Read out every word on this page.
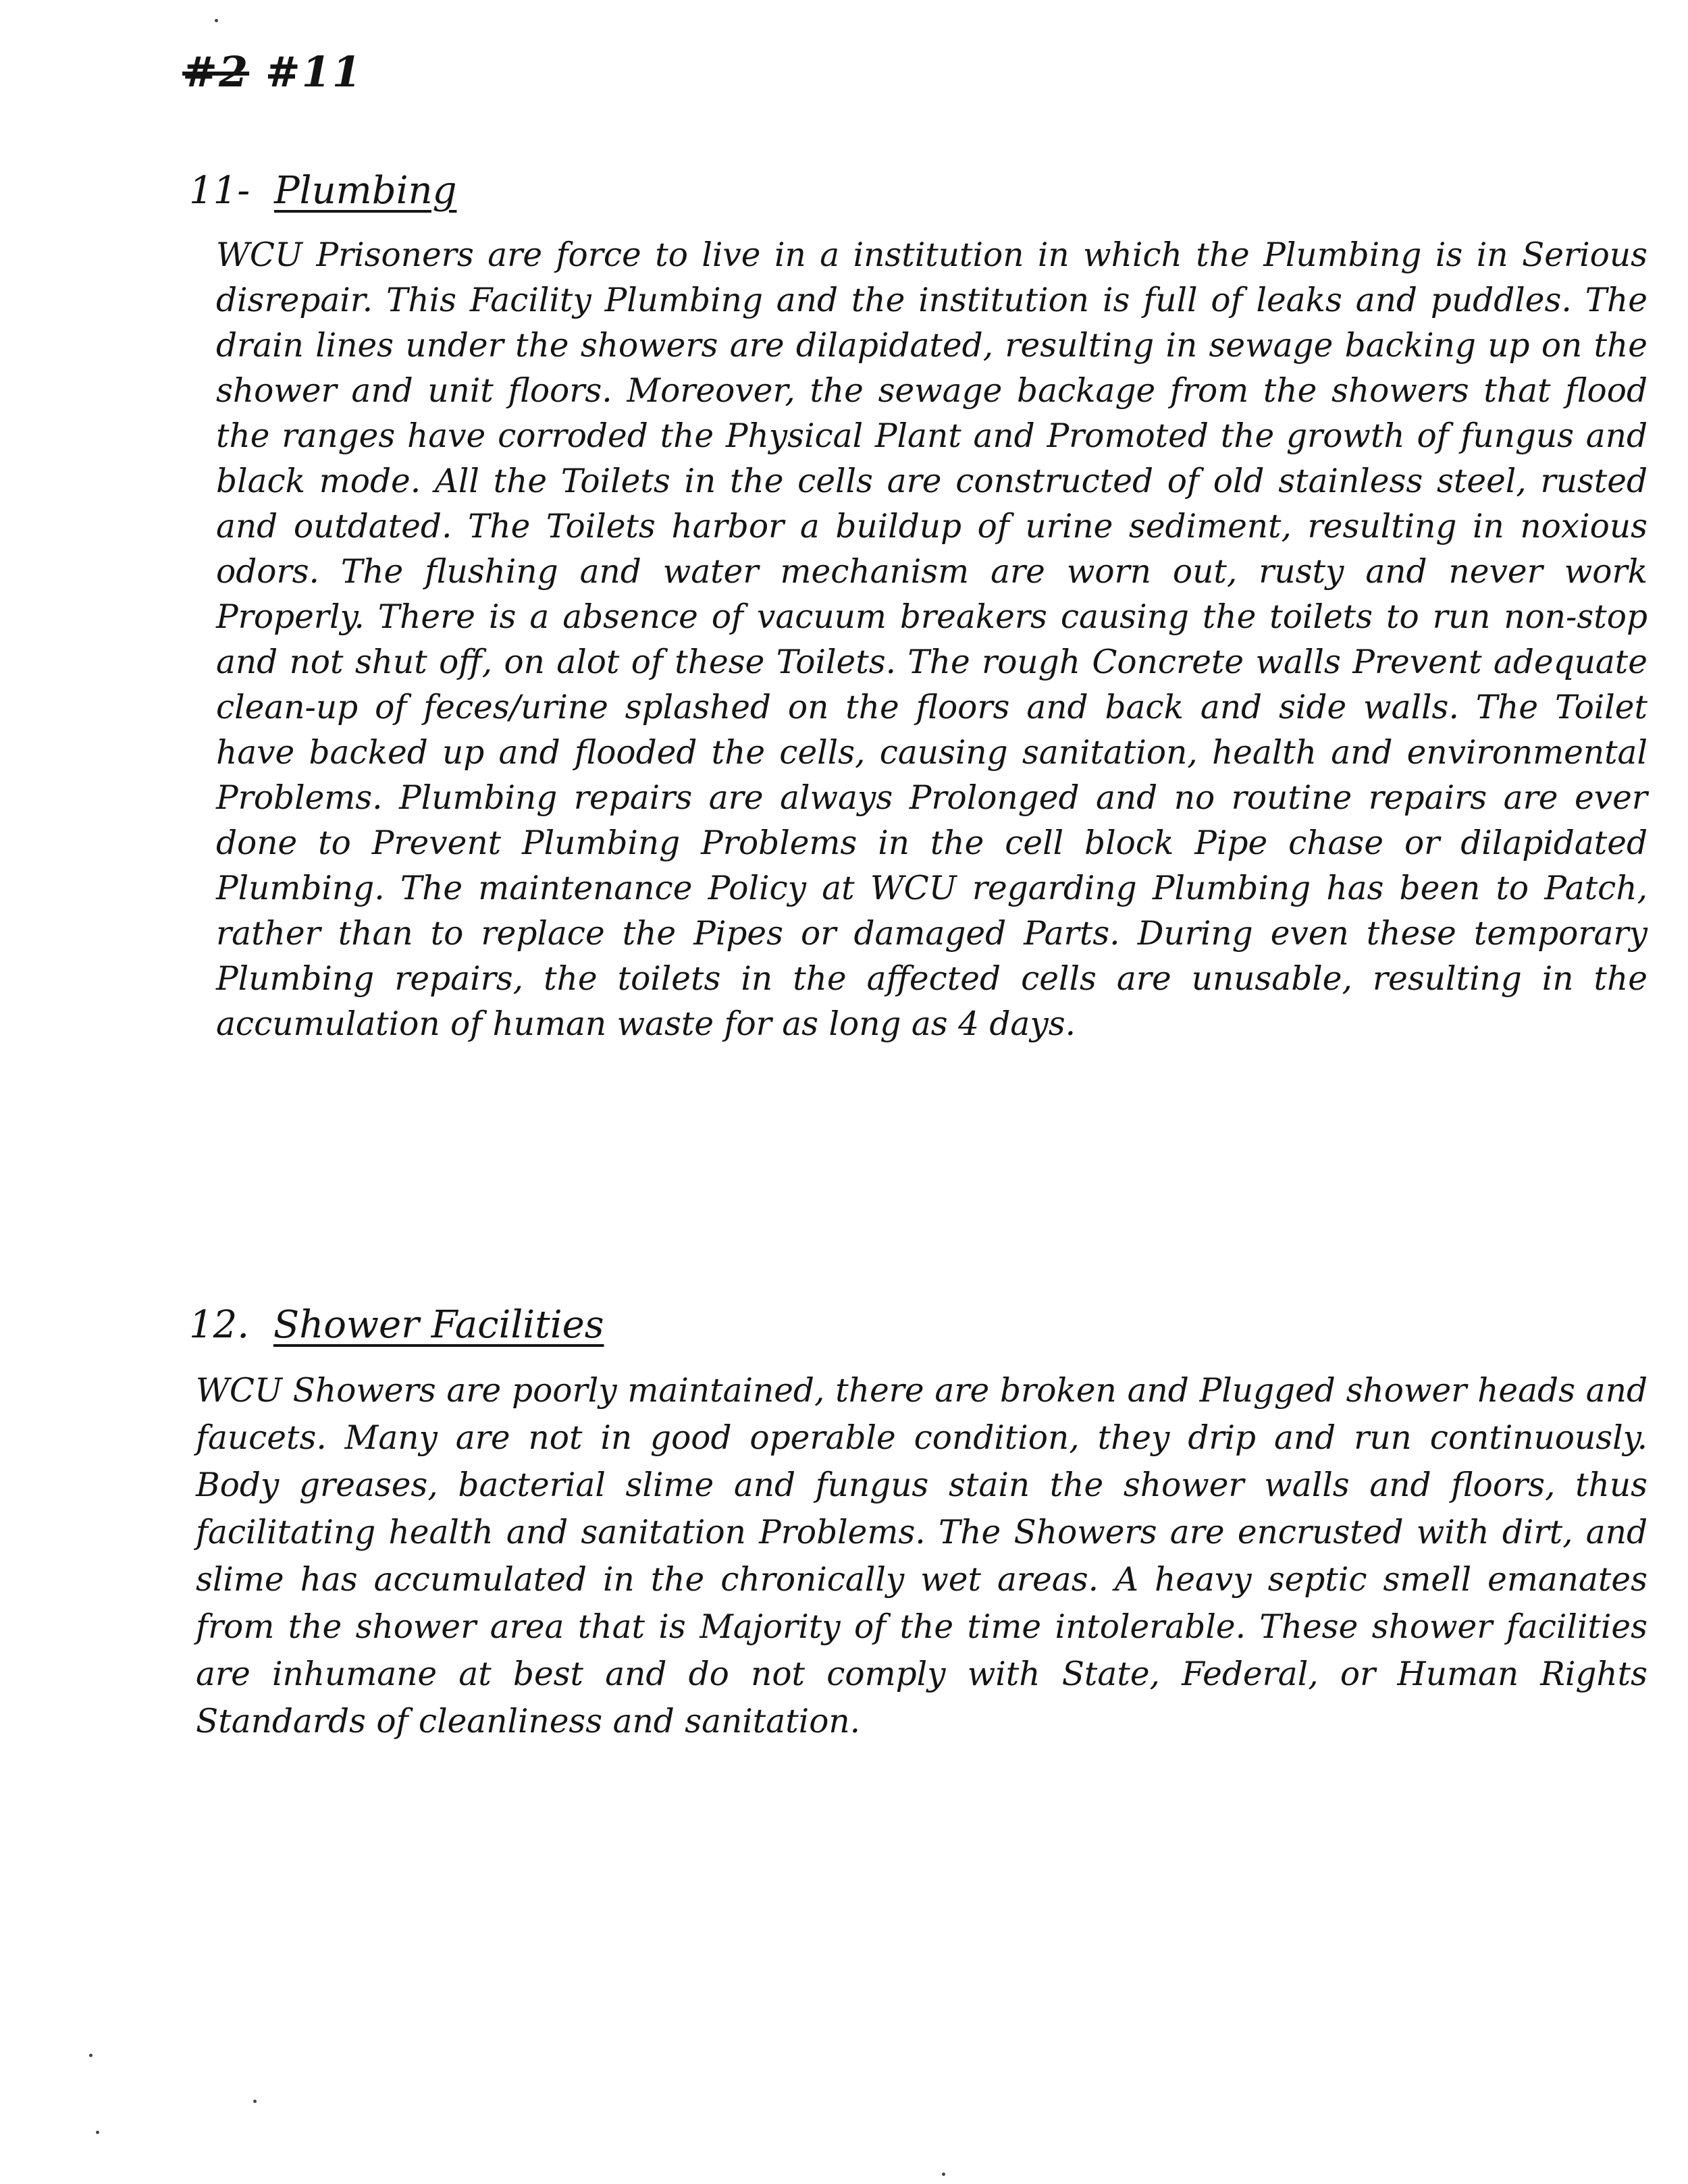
#2 #11
11- Plumbing

WCU Prisoners are force to live in a institution in which the Plumbing is in Serious disrepair. This Facility Plumbing and the institution is full of leaks and puddles. The drain lines under the showers are dilapidated, resulting in sewage backing up on the shower and unit floors. Moreover, the sewage backage from the showers that flood the ranges have corroded the Physical Plant and Promoted the growth of fungus and black mode. All the Toilets in the cells are constructed of old stainless steel, rusted and outdated. The Toilets harbor a buildup of urine sediment, resulting in noxious odors. The flushing and water mechanism are worn out, rusty and never work Properly. There is a absence of vacuum breakers causing the toilets to run non-stop and not shut off, on alot of these Toilets. The rough Concrete walls Prevent adequate clean-up of feces/urine splashed on the floors and back and side walls. The Toilet have backed up and flooded the cells, causing sanitation, health and environmental Problems. Plumbing repairs are always Prolonged and no routine repairs are ever done to Prevent Plumbing Problems in the cell block Pipe chase or dilapidated Plumbing. The maintenance Policy at WCU regarding Plumbing has been to Patch, rather than to replace the Pipes or damaged Parts. During even these temporary Plumbing repairs, the toilets in the affected cells are unusable, resulting in the accumulation of human waste for as long as 4 days.

12. Shower Facilities

WCU Showers are poorly maintained, there are broken and Plugged shower heads and faucets. Many are not in good operable condition, they drip and run continuously. Body greases, bacterial slime and fungus stain the shower walls and floors, thus facilitating health and sanitation Problems. The Showers are encrusted with dirt, and slime has accumulated in the chronically wet areas. A heavy septic smell emanates from the shower area that is Majority of the time intolerable. These shower facilities are inhumane at best and do not comply with State, Federal, or Human Rights Standards of cleanliness and sanitation.
